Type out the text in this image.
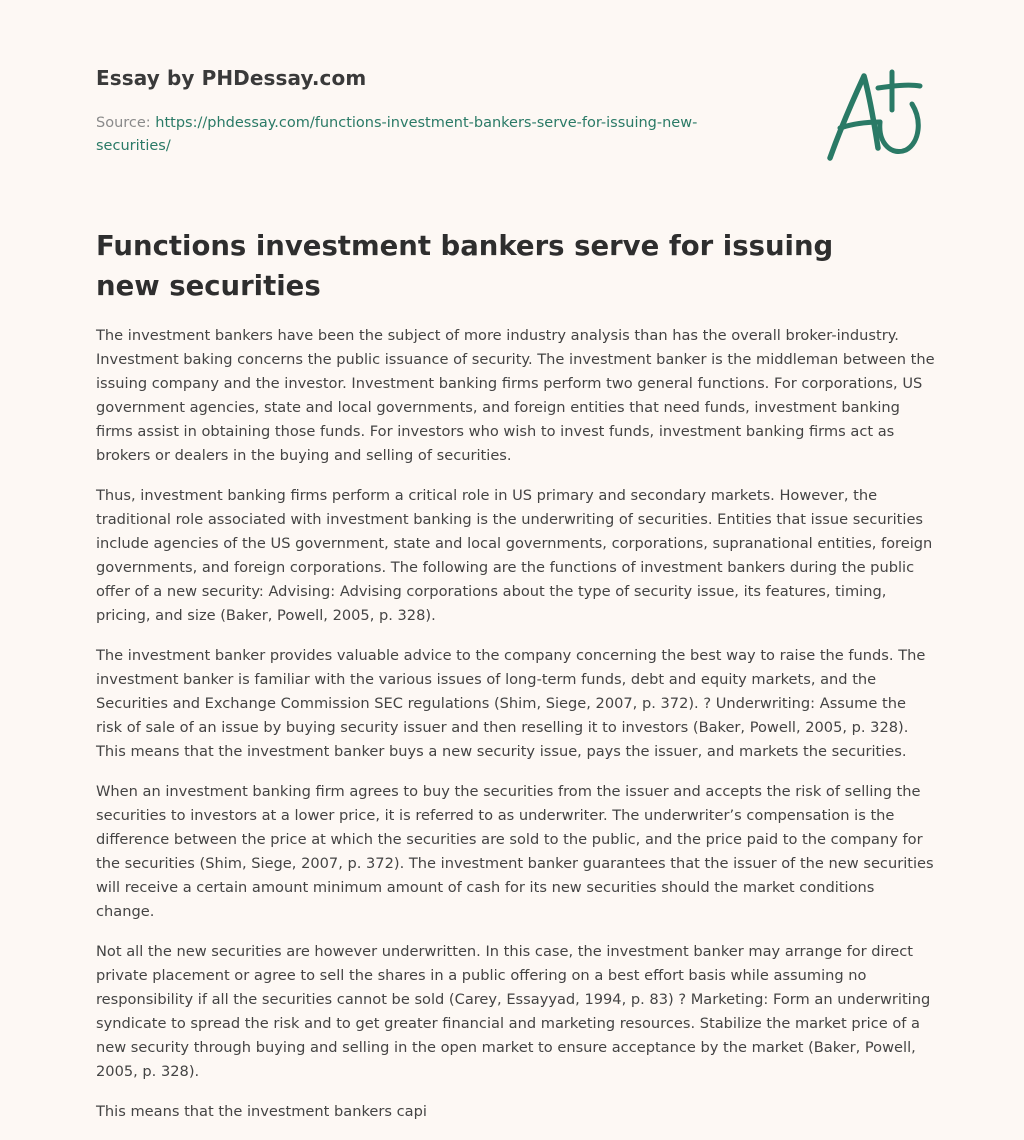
Essay by PHDessay.com
Source: https://phdessay.com/functions-investment-bankers-serve-for-issuing-new-securities/
Functions investment bankers serve for issuing new securities

The investment bankers have been the subject of more industry analysis than has the overall broker-industry. Investment baking concerns the public issuance of security. The investment banker is the middleman between the issuing company and the investor. Investment banking firms perform two general functions. For corporations, US government agencies, state and local governments, and foreign entities that need funds, investment banking firms assist in obtaining those funds. For investors who wish to invest funds, investment banking firms act as brokers or dealers in the buying and selling of securities.

Thus, investment banking firms perform a critical role in US primary and secondary markets. However, the traditional role associated with investment banking is the underwriting of securities. Entities that issue securities include agencies of the US government, state and local governments, corporations, supranational entities, foreign governments, and foreign corporations. The following are the functions of investment bankers during the public offer of a new security: Advising: Advising corporations about the type of security issue, its features, timing, pricing, and size (Baker, Powell, 2005, p. 328).

The investment banker provides valuable advice to the company concerning the best way to raise the funds. The investment banker is familiar with the various issues of long-term funds, debt and equity markets, and the Securities and Exchange Commission SEC regulations (Shim, Siege, 2007, p. 372). ? Underwriting: Assume the risk of sale of an issue by buying security issuer and then reselling it to investors (Baker, Powell, 2005, p. 328). This means that the investment banker buys a new security issue, pays the issuer, and markets the securities.

When an investment banking firm agrees to buy the securities from the issuer and accepts the risk of selling the securities to investors at a lower price, it is referred to as underwriter. The underwriter’s compensation is the difference between the price at which the securities are sold to the public, and the price paid to the company for the securities (Shim, Siege, 2007, p. 372). The investment banker guarantees that the issuer of the new securities will receive a certain amount minimum amount of cash for its new securities should the market conditions change.

Not all the new securities are however underwritten. In this case, the investment banker may arrange for direct private placement or agree to sell the shares in a public offering on a best effort basis while assuming no responsibility if all the securities cannot be sold (Carey, Essayyad, 1994, p. 83) ? Marketing: Form an underwriting syndicate to spread the risk and to get greater financial and marketing resources. Stabilize the market price of a new security through buying and selling in the open market to ensure acceptance by the market (Baker, Powell, 2005, p. 328).

This means that the investment bankers capi
